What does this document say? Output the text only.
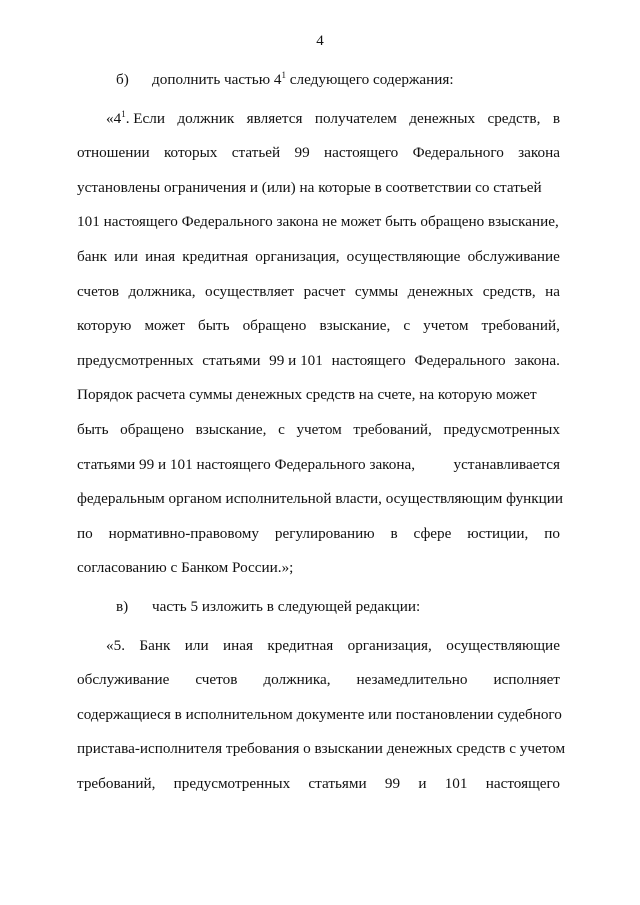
4
б) дополнить частью $4^1$ следующего содержания:
«$4^1$. Если должник является получателем денежных средств, в
отношении которых статьей 99 настоящего Федерального закона
установлены ограничения и (или) на которые в соответствии со статьей
101 настоящего Федерального закона не может быть обращено взыскание,
банк или иная кредитная организация, осуществляющие обслуживание
счетов должника, осуществляет расчет суммы денежных средств, на
которую может быть обращено взыскание, с учетом требований,
предусмотренных статьями 99 и 101 настоящего Федерального закона.
Порядок расчета суммы денежных средств на счете, на которую может
быть обращено взыскание, с учетом требований, предусмотренных
статьями 99 и 101 настоящего Федерального закона,	устанавливается
федеральным органом исполнительной власти, осуществляющим функции
по нормативно-правовому регулированию в сфере юстиции, по
согласованию с Банком России.»;
в) часть 5 изложить в следующей редакции:
«5. Банк или иная кредитная организация, осуществляющие
обслуживание счетов должника, незамедлительно исполняет
содержащиеся в исполнительном документе или постановлении судебного
пристава-исполнителя требования о взыскании денежных средств с учетом
требований, предусмотренных статьями 99 и 101 настоящего
